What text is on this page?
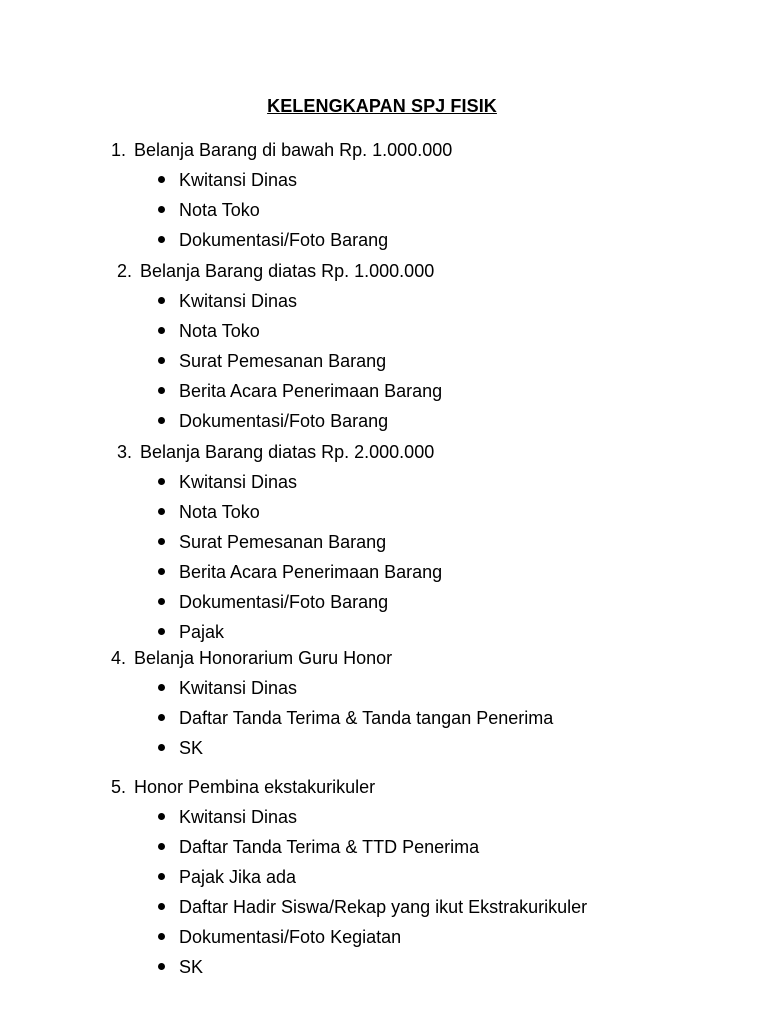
KELENGKAPAN SPJ FISIK
1. Belanja Barang di bawah Rp. 1.000.000
Kwitansi Dinas
Nota Toko
Dokumentasi/Foto Barang
2. Belanja Barang diatas Rp. 1.000.000
Kwitansi Dinas
Nota Toko
Surat Pemesanan Barang
Berita Acara Penerimaan Barang
Dokumentasi/Foto Barang
3. Belanja Barang diatas Rp. 2.000.000
Kwitansi Dinas
Nota Toko
Surat Pemesanan Barang
Berita Acara Penerimaan Barang
Dokumentasi/Foto Barang
Pajak
4. Belanja Honorarium Guru Honor
Kwitansi Dinas
Daftar Tanda Terima & Tanda tangan Penerima
SK
5. Honor Pembina ekstakurikuler
Kwitansi Dinas
Daftar Tanda Terima & TTD Penerima
Pajak Jika ada
Daftar Hadir Siswa/Rekap yang ikut Ekstrakurikuler
Dokumentasi/Foto Kegiatan
SK
